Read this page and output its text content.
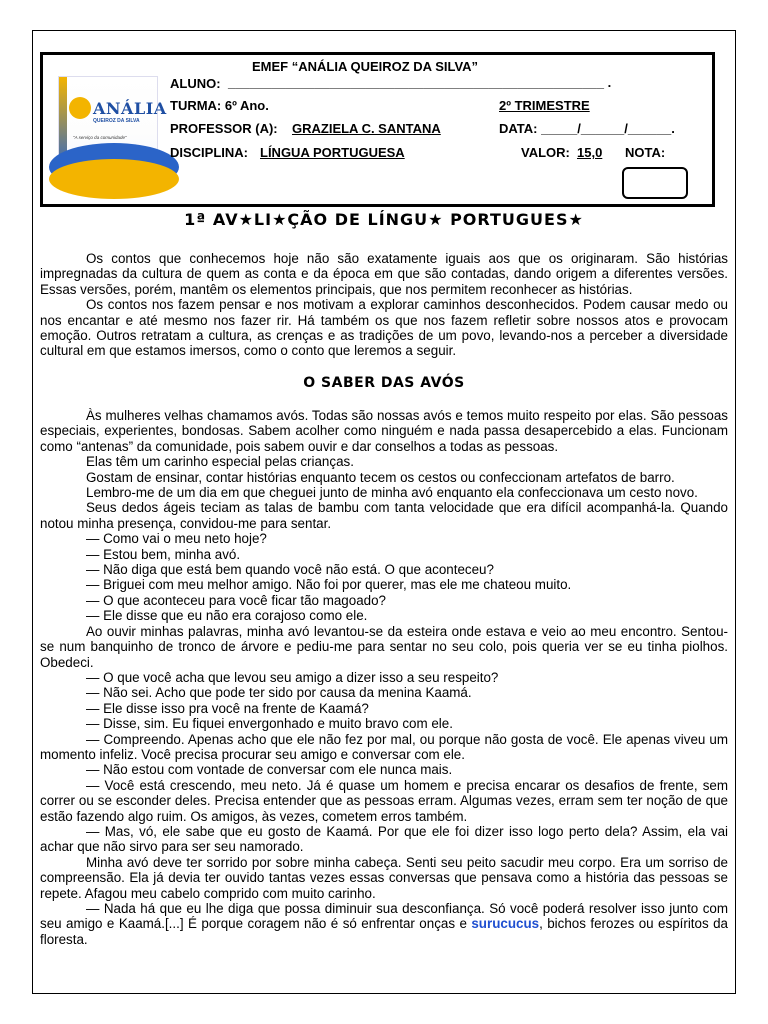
ANÁLIA
QUEIROZ DA SILVA
"A serviço da comunidade"
EMEF “ANÁLIA QUEIROZ DA SILVA”
ALUNO: ____________________________________________________ .
TURMA: 6º Ano.	2º TRIMESTRE
PROFESSOR (A): GRAZIELA C. SANTANA	DATA: _____/______/______.
DISCIPLINA: LÍNGUA PORTUGUESA	VALOR: 15,0 NOTA:
1ª AV★LI★ÇÃO DE LÍNGU★ PORTUGUES★

Os contos que conhecemos hoje não são exatamente iguais aos que os originaram. São histórias impregnadas da cultura de quem as conta e da época em que são contadas, dando origem a diferentes versões. Essas versões, porém, mantêm os elementos principais, que nos permitem reconhecer as histórias.

Os contos nos fazem pensar e nos motivam a explorar caminhos desconhecidos. Podem causar medo ou nos encantar e até mesmo nos fazer rir. Há também os que nos fazem refletir sobre nossos atos e provocam emoção. Outros retratam a cultura, as crenças e as tradições de um povo, levando-nos a perceber a diversidade cultural em que estamos imersos, como o conto que leremos a seguir.

O SABER DAS AVÓS

Às mulheres velhas chamamos avós. Todas são nossas avós e temos muito respeito por elas. São pessoas especiais, experientes, bondosas. Sabem acolher como ninguém e nada passa desapercebido a elas. Funcionam como “antenas” da comunidade, pois sabem ouvir e dar conselhos a todas as pessoas.

Elas têm um carinho especial pelas crianças.

Gostam de ensinar, contar histórias enquanto tecem os cestos ou confeccionam artefatos de barro.

Lembro-me de um dia em que cheguei junto de minha avó enquanto ela confeccionava um cesto novo.

Seus dedos ágeis teciam as talas de bambu com tanta velocidade que era difícil acompanhá-la. Quando notou minha presença, convidou-me para sentar.

— Como vai o meu neto hoje?

— Estou bem, minha avó.

— Não diga que está bem quando você não está. O que aconteceu?

— Briguei com meu melhor amigo. Não foi por querer, mas ele me chateou muito.

— O que aconteceu para você ficar tão magoado?

— Ele disse que eu não era corajoso como ele.

Ao ouvir minhas palavras, minha avó levantou-se da esteira onde estava e veio ao meu encontro. Sentou-se num banquinho de tronco de árvore e pediu-me para sentar no seu colo, pois queria ver se eu tinha piolhos. Obedeci.

— O que você acha que levou seu amigo a dizer isso a seu respeito?

— Não sei. Acho que pode ter sido por causa da menina Kaamá.

— Ele disse isso pra você na frente de Kaamá?

— Disse, sim. Eu fiquei envergonhado e muito bravo com ele.

— Compreendo. Apenas acho que ele não fez por mal, ou porque não gosta de você. Ele apenas viveu um momento infeliz. Você precisa procurar seu amigo e conversar com ele.

— Não estou com vontade de conversar com ele nunca mais.

— Você está crescendo, meu neto. Já é quase um homem e precisa encarar os desafios de frente, sem correr ou se esconder deles. Precisa entender que as pessoas erram. Algumas vezes, erram sem ter noção de que estão fazendo algo ruim. Os amigos, às vezes, cometem erros também.

— Mas, vó, ele sabe que eu gosto de Kaamá. Por que ele foi dizer isso logo perto dela? Assim, ela vai achar que não sirvo para ser seu namorado.

Minha avó deve ter sorrido por sobre minha cabeça. Senti seu peito sacudir meu corpo. Era um sorriso de compreensão. Ela já devia ter ouvido tantas vezes essas conversas que pensava como a história das pessoas se repete. Afagou meu cabelo comprido com muito carinho.

— Nada há que eu lhe diga que possa diminuir sua desconfiança. Só você poderá resolver isso junto com seu amigo e Kaamá.[...] É porque coragem não é só enfrentar onças e surucucus, bichos ferozes ou espíritos da floresta.
